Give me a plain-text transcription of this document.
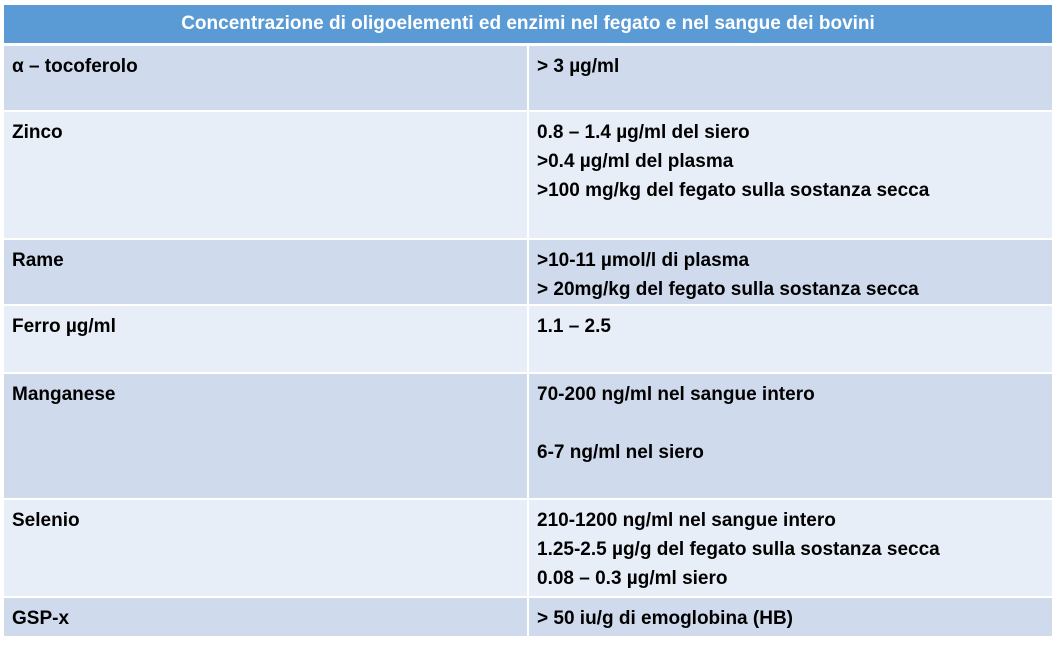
Concentrazione di oligoelementi ed enzimi nel fegato e nel sangue dei bovini	
α – tocoferolo	> 3 µg/ml

Zinco	0.8 – 1.4 µg/ml del siero
>0.4 µg/ml del plasma
>100 mg/kg del fegato sulla sostanza secca

Rame	>10-11 µmol/l di plasma
> 20mg/kg del fegato sulla sostanza secca

Ferro µg/ml	1.1 – 2.5

Manganese	70-200 ng/ml nel sangue intero
6-7 ng/ml nel siero

Selenio	210-1200 ng/ml nel sangue intero
1.25-2.5 µg/g del fegato sulla sostanza secca
0.08 – 0.3 µg/ml siero

GSP-x	> 50 iu/g di emoglobina (HB)
